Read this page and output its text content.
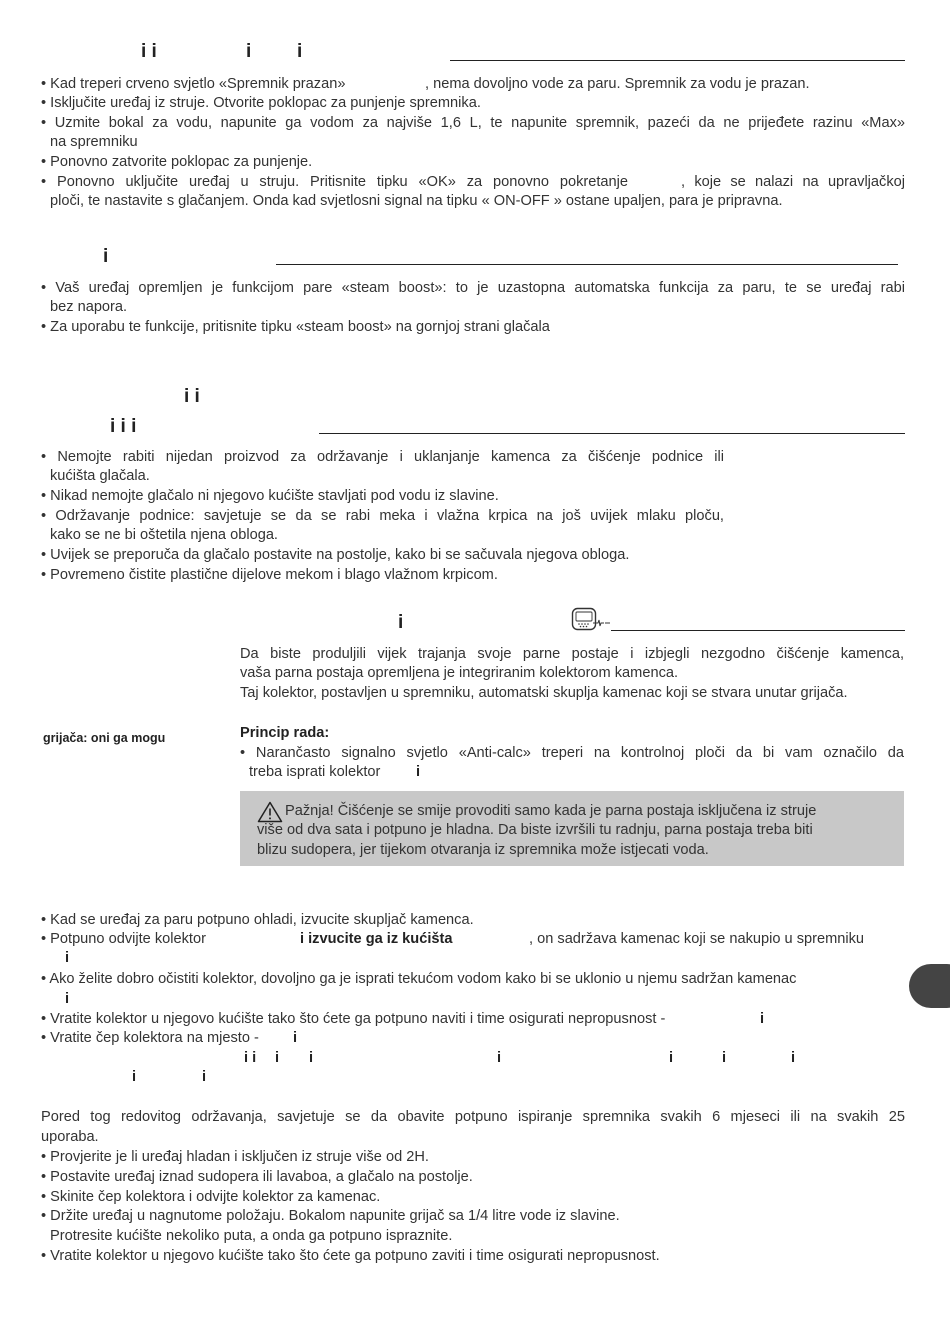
i i	i i
• Kad treperi crveno svjetlo «Spremnik prazan»	, nema dovoljno vode za paru. Spremnik za vodu je prazan.
• Isključite uređaj iz struje. Otvorite poklopac za punjenje spremnika.
• Uzmite bokal za vodu, napunite ga vodom za najviše 1,6 L, te napunite spremnik, pazeći da ne prijeđete razinu «Max»
na spremniku
• Ponovno zatvorite poklopac za punjenje.
• Ponovno uključite uređaj u struju. Pritisnite tipku «OK» za ponovno pokretanje	, koje se nalazi na upravljačkoj
ploči, te nastavite s glačanjem. Onda kad svjetlosni signal na tipku « ON-OFF » ostane upaljen, para je pripravna.
i
• Vaš uređaj opremljen je funkcijom pare «steam boost»: to je uzastopna automatska funkcija za paru, te se uređaj rabi
bez napora.
• Za uporabu te funkcije, pritisnite tipku «steam boost» na gornjoj strani glačala
i i
i i i
• Nemojte rabiti nijedan proizvod za održavanje i uklanjanje kamenca za čišćenje podnice ili
kućišta glačala.
• Nikad nemojte glačalo ni njegovo kućište stavljati pod vodu iz slavine.
• Održavanje podnice: savjetuje se da se rabi meka i vlažna krpica na još uvijek mlaku ploču,
kako se ne bi oštetila njena obloga.
• Uvijek se preporuča da glačalo postavite na postolje, kako bi se sačuvala njegova obloga.
• Povremeno čistite plastične dijelove mekom i blago vlažnom krpicom.
i
Da biste produljili vijek trajanja svoje parne postaje i izbjegli nezgodno čišćenje kamenca,
vaša parna postaja opremljena je integriranim kolektorom kamenca.
Taj kolektor, postavljen u spremniku, automatski skuplja kamenac koji se stvara unutar grijača.
grijača: oni ga mogu	Princip rada:
• Narančasto signalno svjetlo «Anti-calc» treperi na kontrolnoj ploči da bi vam označilo da
treba isprati kolektor i
Pažnja! Čišćenje se smije provoditi samo kada je parna postaja isključena iz struje
više od dva sata i potpuno je hladna. Da biste izvršili tu radnju, parna postaja treba biti
blizu sudopera, jer tijekom otvaranja iz spremnika može istjecati voda.
• Kad se uređaj za paru potpuno ohladi, izvucite skupljač kamenca.
• Potpuno odvijte kolektor	i izvucite ga iz kućišta	, on sadržava kamenac koji se nakupio u spremniku
i
• Ako želite dobro očistiti kolektor, dovoljno ga je isprati tekućom vodom kako bi se uklonio u njemu sadržan kamenac
i
• Vratite kolektor u njegovo kućište tako što ćete ga potpuno naviti i time osigurati nepropusnost -	i
• Vratite čep kolektora na mjesto - i
i i i i	i	i	i	i
i	i
Pored tog redovitog održavanja, savjetuje se da obavite potpuno ispiranje spremnika svakih 6 mjeseci ili na svakih 25
uporaba.
• Provjerite je li uređaj hladan i isključen iz struje više od 2H.
• Postavite uređaj iznad sudopera ili lavaboa, a glačalo na postolje.
• Skinite čep kolektora i odvijte kolektor za kamenac.
• Držite uređaj u nagnutome položaju. Bokalom napunite grijač sa 1/4 litre vode iz slavine.
Protresite kućište nekoliko puta, a onda ga potpuno ispraznite.
• Vratite kolektor u njegovo kućište tako što ćete ga potpuno zaviti i time osigurati nepropusnost.
